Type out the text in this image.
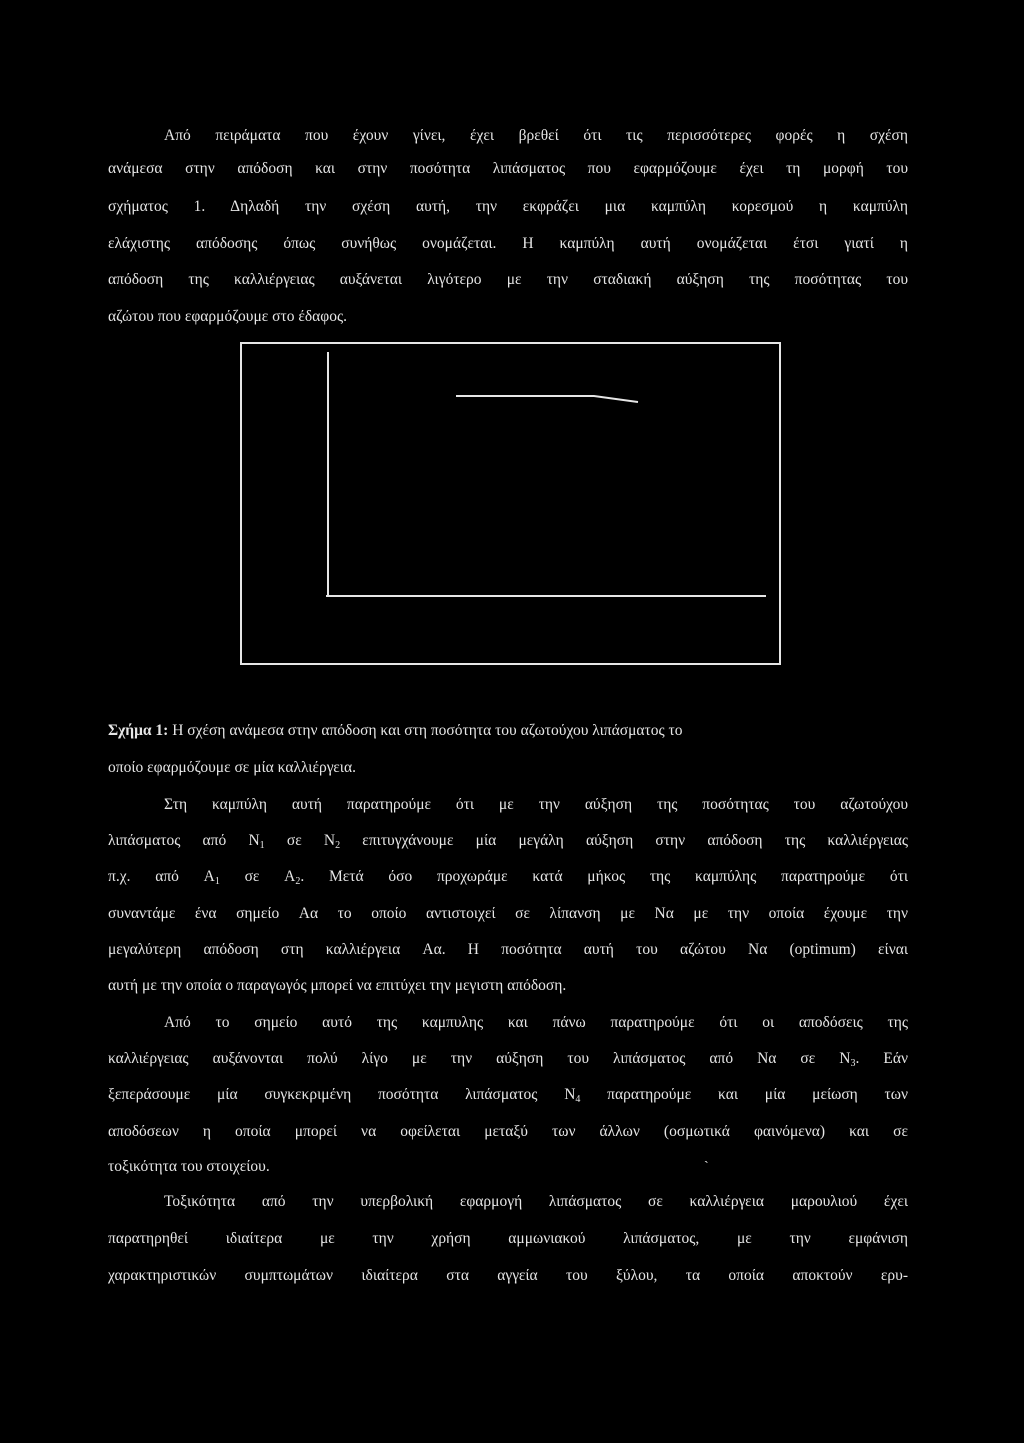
Από πειράματα που έχουν γίνει, έχει βρεθεί ότι τις περισσότερες φορές η σχέση
ανάμεσα στην απόδοση και στην ποσότητα λιπάσματος που εφαρμόζουμε έχει τη μορφή του
σχήματος 1. Δηλαδή την σχέση αυτή, την εκφράζει μια καμπύλη κορεσμού η καμπύλη
ελάχιστης απόδοσης όπως συνήθως ονομάζεται. Η καμπύλη αυτή ονομάζεται έτσι γιατί η
απόδοση της καλλιέργειας αυξάνεται λιγότερο με την σταδιακή αύξηση της ποσότητας του
αζώτου που εφαρμόζουμε στο έδαφος.
Σχήμα 1: Η σχέση ανάμεσα στην απόδοση και στη ποσότητα του αζωτούχου λιπάσματος το
οποίο εφαρμόζουμε σε μία καλλιέργεια.
Στη καμπύλη αυτή παρατηρούμε ότι με την αύξηση της ποσότητας του αζωτούχου
λιπάσματος από $N_1$ σε $N_2$ επιτυγχάνουμε μία μεγάλη αύξηση στην απόδοση της καλλιέργειας
π.χ. από $A_1$ σε $A_2$. Μετά όσο προχωράμε κατά μήκος της καμπύλης παρατηρούμε ότι
συναντάμε ένα σημείο Aα το οποίο αντιστοιχεί σε λίπανση με Nα με την οποία έχουμε την
μεγαλύτερη απόδοση στη καλλιέργεια Aα. Η ποσότητα αυτή του αζώτου Nα (optimum) είναι
αυτή με την οποία ο παραγωγός μπορεί να επιτύχει την μεγιστη απόδοση.
Από το σημείο αυτό της καμπυλης και πάνω παρατηρούμε ότι οι αποδόσεις της
καλλιέργειας αυξάνονται πολύ λίγο με την αύξηση του λιπάσματος από Nα σε $N_3$. Εάν
ξεπεράσουμε μία συγκεκριμένη ποσότητα λιπάσματος $N_4$ παρατηρούμε και μία μείωση των
αποδόσεων η οποία μπορεί να οφείλεται μεταξύ των άλλων (οσμωτικά φαινόμενα) και σε
τοξικότητα του στοιχείου.
ˎ
Τοξικότητα από την υπερβολική εφαρμογή λιπάσματος σε καλλιέργεια μαρουλιού έχει
παρατηρηθεί ιδιαίτερα με την χρήση αμμωνιακού λιπάσματος, με την εμφάνιση
χαρακτηριστικών συμπτωμάτων ιδιαίτερα στα αγγεία του ξύλου, τα οποία αποκτούν ερυ-
